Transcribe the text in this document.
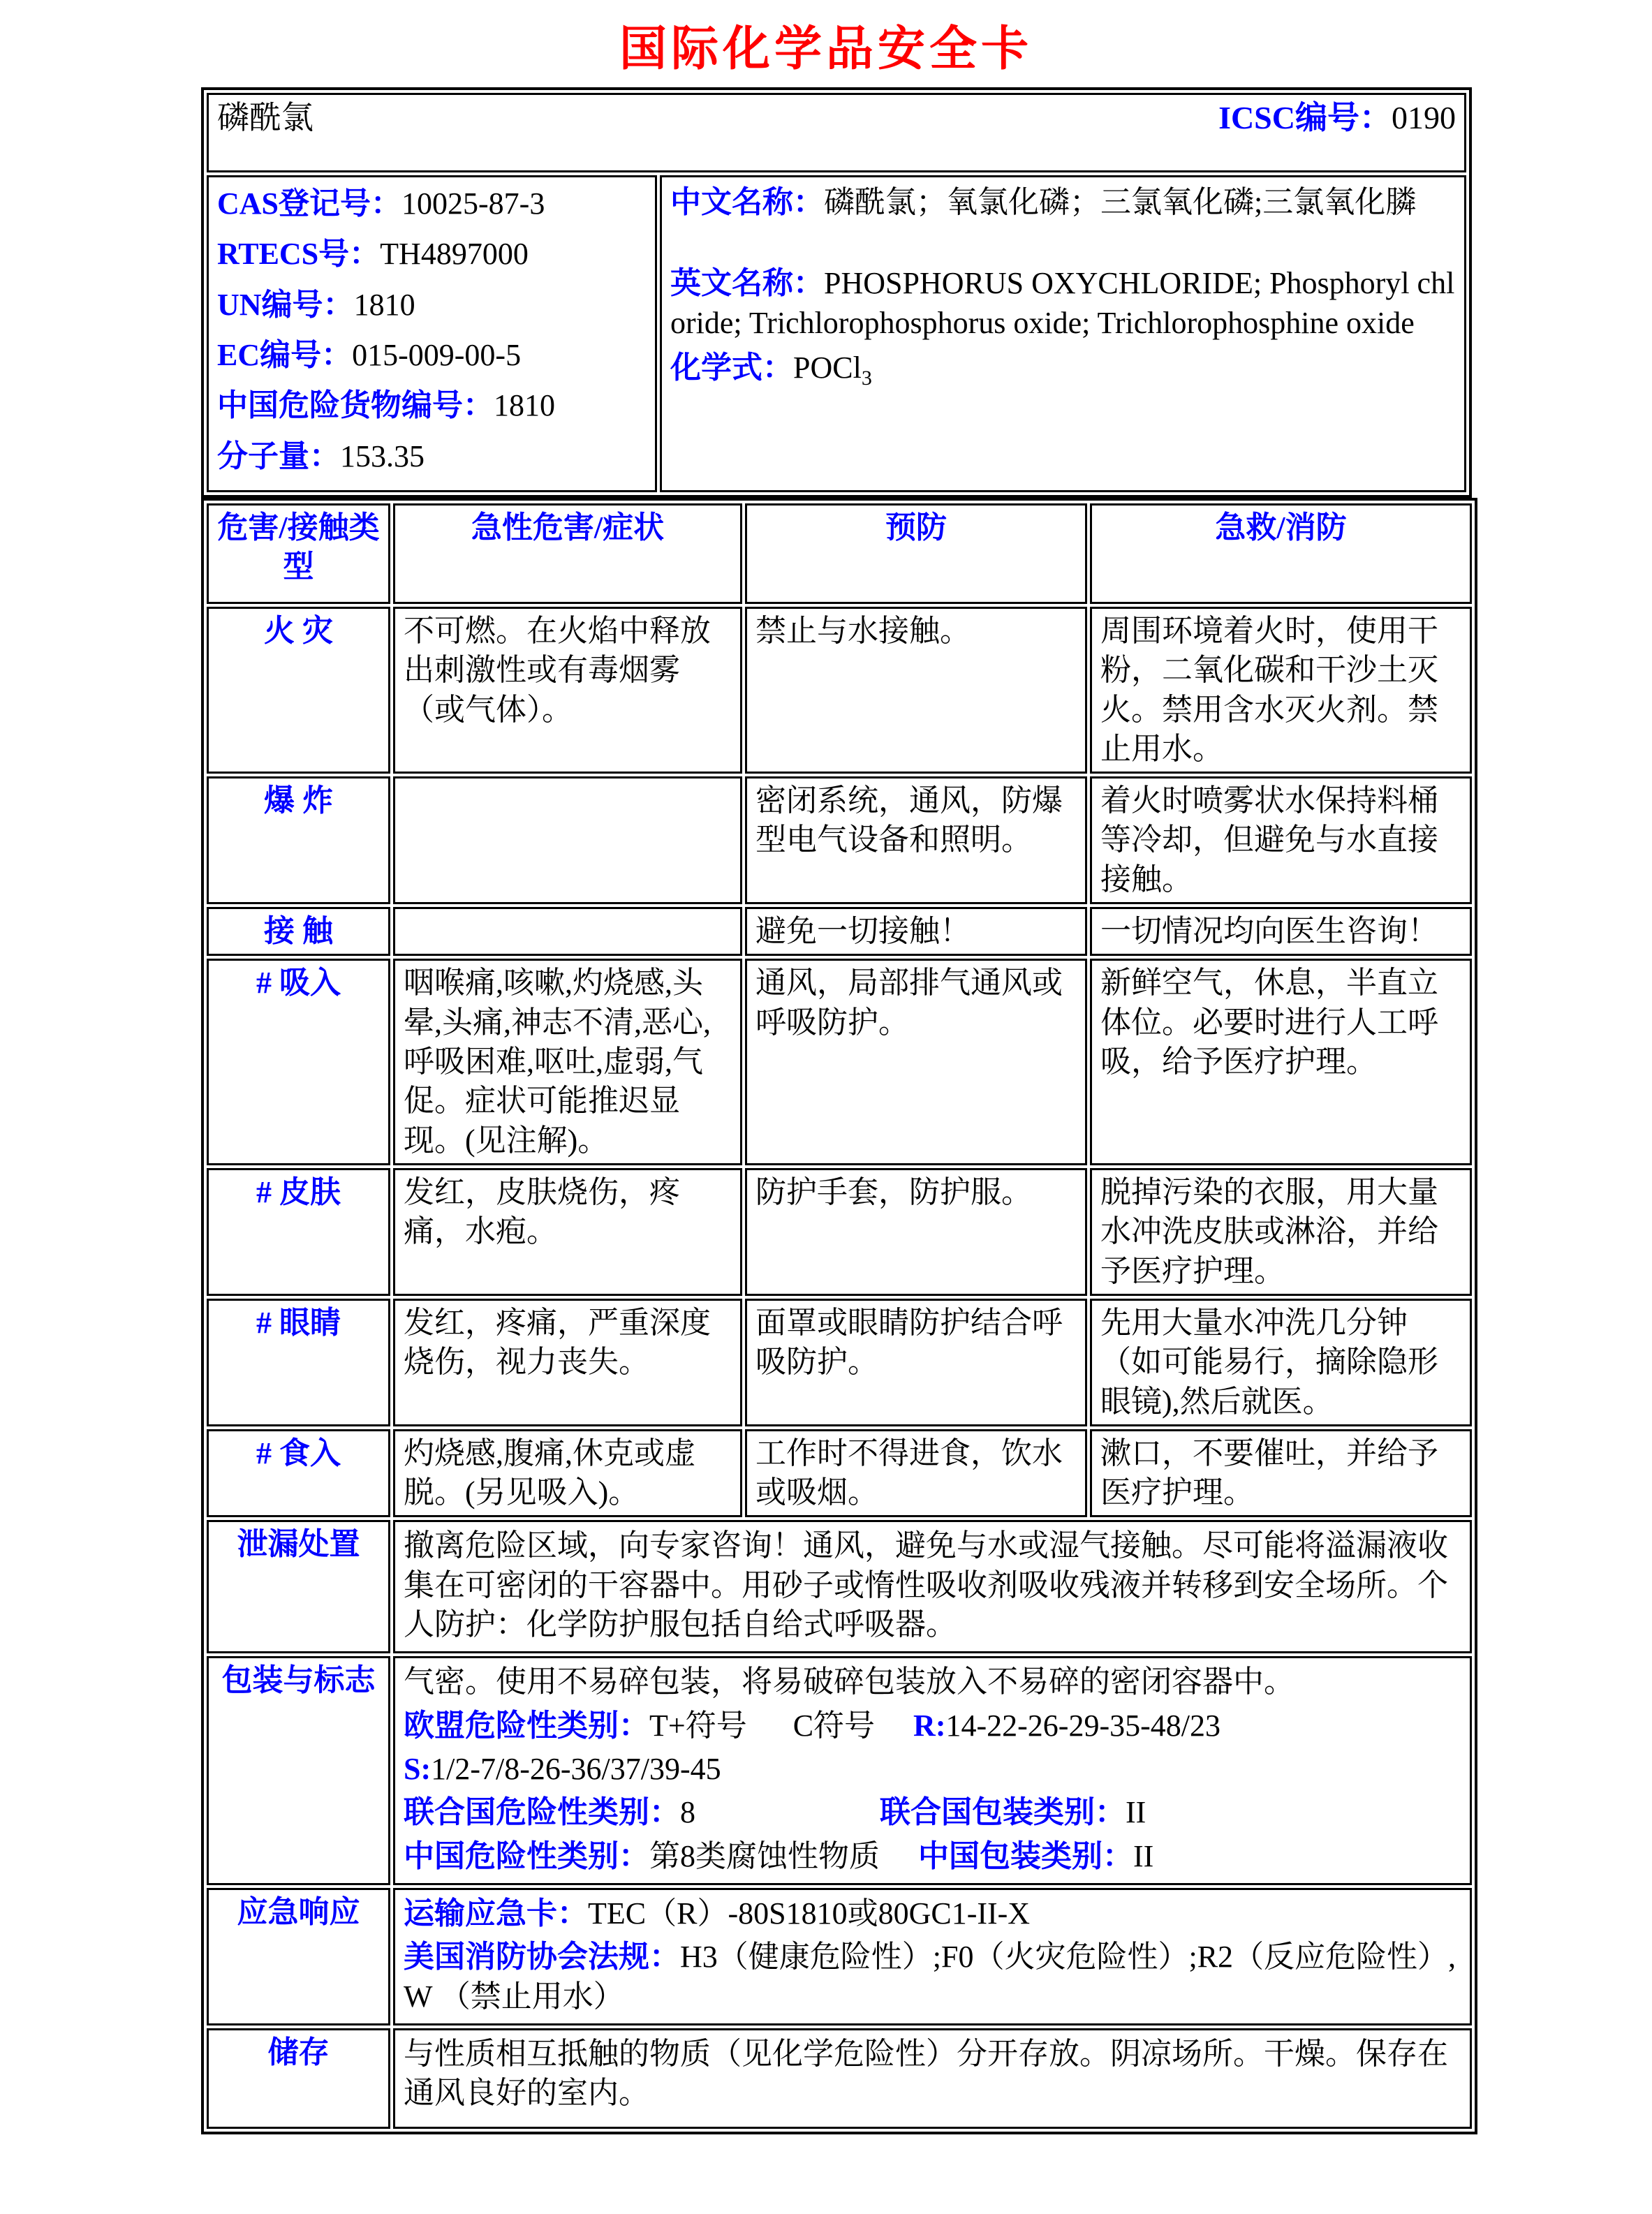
国际化学品安全卡
磷酰氯	ICSC编号：0190

CAS登记号：10025-87-3
RTECS号：TH4897000
UN编号：1810
EC编号：015-009-00-5
中国危险货物编号：1810
分子量：153.35

中文名称：磷酰氯；氧氯化磷；三氯氧化磷;三氯氧化膦
英文名称：PHOSPHORUS OXYCHLORIDE; Phosphoryl chloride; Trichlorophosphorus oxide; Trichlorophosphine oxide
化学式：POCl$_3$
危害/接触类型	急性危害/症状	预防	急救/消防
火 灾	不可燃。在火焰中释放出刺激性或有毒烟雾（或气体）。	禁止与水接触。	周围环境着火时，使用干粉，二氧化碳和干沙土灭火。禁用含水灭火剂。禁止用水。
爆 炸		密闭系统，通风，防爆型电气设备和照明。	着火时喷雾状水保持料桶等冷却，但避免与水直接接触。
接 触		避免一切接触！	一切情况均向医生咨询！
# 吸入	咽喉痛,咳嗽,灼烧感,头晕,头痛,神志不清,恶心,呼吸困难,呕吐,虚弱,气促。症状可能推迟显现。(见注解)。	通风，局部排气通风或呼吸防护。	新鲜空气，休息，半直立体位。必要时进行人工呼吸，给予医疗护理。
# 皮肤	发红，皮肤烧伤，疼痛，水疱。	防护手套，防护服。	脱掉污染的衣服，用大量水冲洗皮肤或淋浴，并给予医疗护理。
# 眼睛	发红，疼痛，严重深度烧伤，视力丧失。	面罩或眼睛防护结合呼吸防护。	先用大量水冲洗几分钟（如可能易行，摘除隐形眼镜),然后就医。
# 食入	灼烧感,腹痛,休克或虚脱。(另见吸入)。	工作时不得进食，饮水或吸烟。	漱口，不要催吐，并给予医疗护理。
泄漏处置	撤离危险区域，向专家咨询！通风，避免与水或湿气接触。尽可能将溢漏液收集在可密闭的干容器中。用砂子或惰性吸收剂吸收残液并转移到安全场所。个人防护：化学防护服包括自给式呼吸器。		

包装与标志	气密。使用不易碎包装，将易破碎包装放入不易碎的密闭容器中。
欧盟危险性类别：T+符号      C符号     R:14-22-26-29-35-48/23
S:1/2-7/8-26-36/37/39-45
联合国危险性类别：8                        联合国包装类别：II
中国危险性类别：第8类腐蚀性物质     中国包装类别：II		

应急响应	运输应急卡：TEC（R）-80S1810或80GC1-II-X
美国消防协会法规：H3（健康危险性）;F0（火灾危险性）;R2（反应危险性）, W （禁止用水）		

储存	与性质相互抵触的物质（见化学危险性）分开存放。阴凉场所。干燥。保存在通风良好的室内。		
